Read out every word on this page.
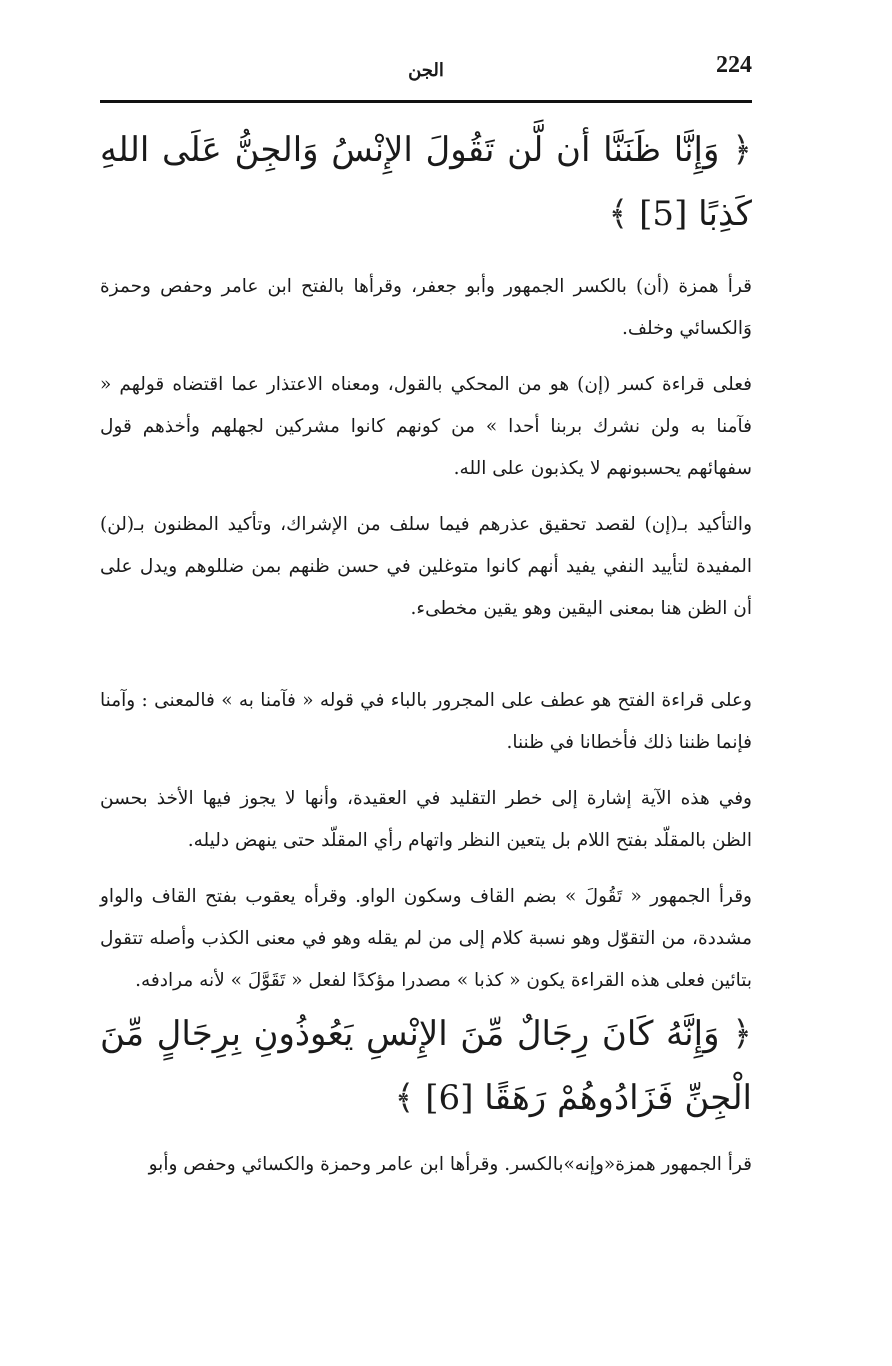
224
الجن

﴿ وَإِنَّا ظَنَنَّا أن لَّن تَقُولَ الإِنْسُ وَالجِنُّ عَلَى اللهِ كَذِبًا [5] ﴾

قرأ همزة (أن) بالكسر الجمهور وأبو جعفر، وقرأها بالفتح ابن عامر وحفص وحمزة وَالكسائي وخلف.

فعلى قراءة كسر (إن) هو من المحكي بالقول، ومعناه الاعتذار عما اقتضاه قولهم « فآمنا به ولن نشرك بربنا أحدا » من كونهم كانوا مشركين لجهلهم وأخذهم قول سفهائهم يحسبونهم لا يكذبون على الله.

والتأكيد بـ(إن) لقصد تحقيق عذرهم فيما سلف من الإشراك، وتأكيد المظنون بـ(لن) المفيدة لتأييد النفي يفيد أنهم كانوا متوغلين في حسن ظنهم بمن ضللوهم ويدل على أن الظن هنا بمعنى اليقين وهو يقين مخطىء.

وعلى قراءة الفتح هو عطف على المجرور بالباء في قوله « فآمنا به » فالمعنى : وآمنا فإنما ظننا ذلك فأخطانا في ظننا.

وفي هذه الآية إشارة إلى خطر التقليد في العقيدة، وأنها لا يجوز فيها الأخذ بحسن الظن بالمقلّد بفتح اللام بل يتعين النظر واتهام رأي المقلّد حتى ينهض دليله.

وقرأ الجمهور « تَقُولَ » بضم القاف وسكون الواو. وقرأه يعقوب بفتح القاف والواو مشددة، من التقوّل وهو نسبة كلام إلى من لم يقله وهو في معنى الكذب وأصله تتقول بتائين فعلى هذه القراءة يكون « كذبا » مصدرا مؤكدًا لفعل « تَقَوَّلَ » لأنه مرادفه.

﴿ وَإِنَّهُ كَانَ رِجَالٌ مِّنَ الإِنْسِ يَعُوذُونِ بِرِجَالٍ مِّنَ الْجِنِّ فَزَادُوهُمْ رَهَقًا [6] ﴾

قرأ الجمهور همزة«وإنه»بالكسر. وقرأها ابن عامر وحمزة والكسائي وحفص وأبو
